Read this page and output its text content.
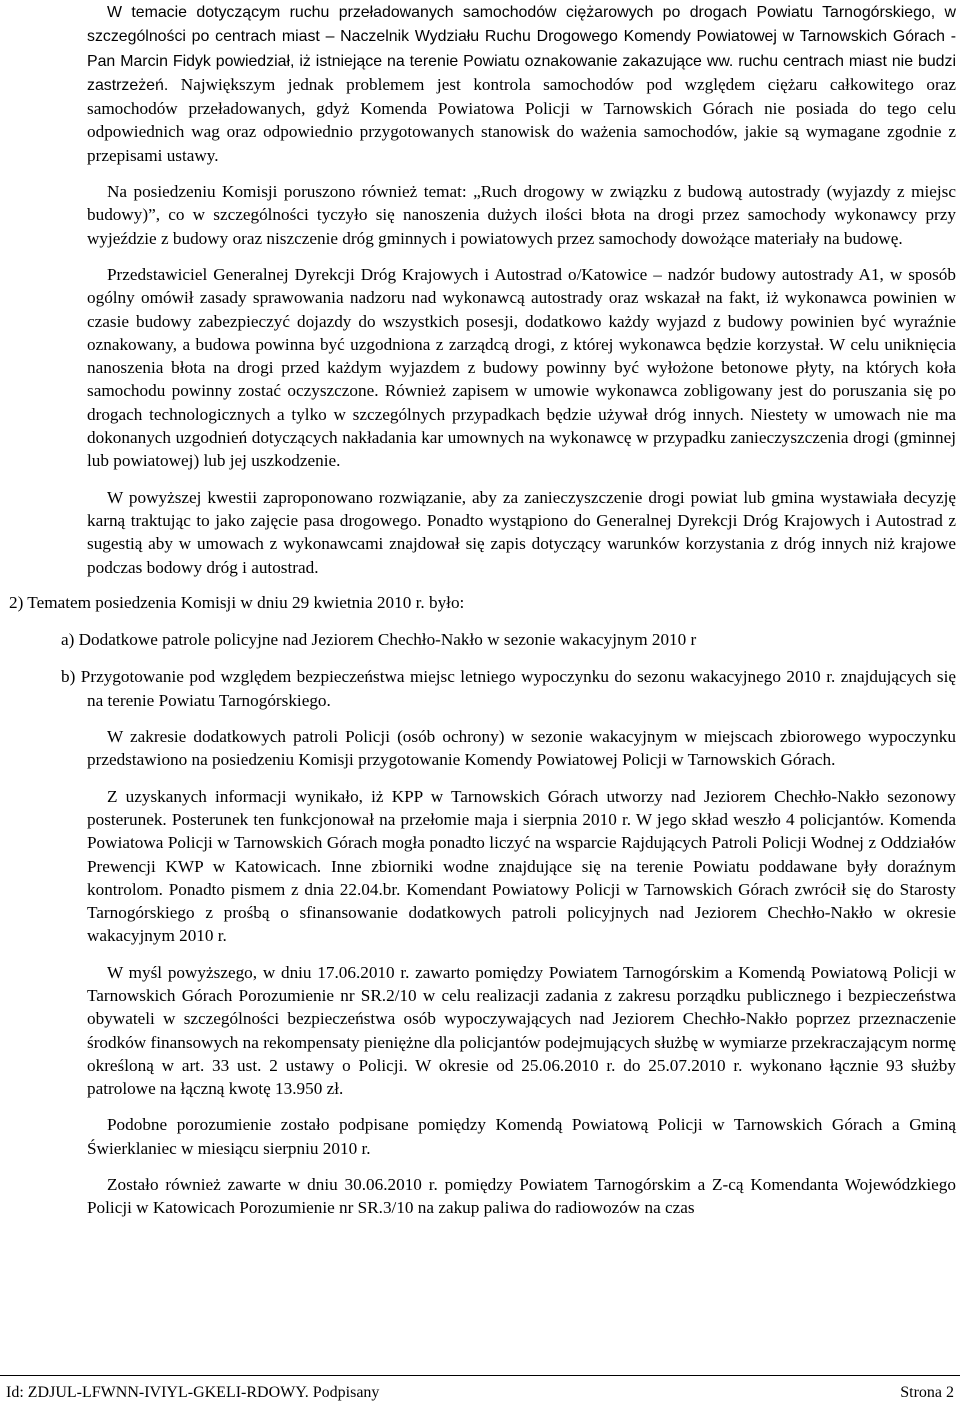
W temacie dotyczącym ruchu przeładowanych samochodów ciężarowych po drogach Powiatu Tarnogórskiego, w szczególności po centrach miast – Naczelnik Wydziału Ruchu Drogowego Komendy Powiatowej w Tarnowskich Górach - Pan Marcin Fidyk powiedział, iż istniejące na terenie Powiatu oznakowanie zakazujące ww. ruchu centrach miast nie budzi zastrzeżeń. Największym jednak problemem jest kontrola samochodów pod względem ciężaru całkowitego oraz samochodów przeładowanych, gdyż Komenda Powiatowa Policji w Tarnowskich Górach nie posiada do tego celu odpowiednich wag oraz odpowiednio przygotowanych stanowisk do ważenia samochodów, jakie są wymagane zgodnie z przepisami ustawy.

Na posiedzeniu Komisji poruszono również temat: „Ruch drogowy w związku z budową autostrady (wyjazdy z miejsc budowy)”, co w szczególności tyczyło się nanoszenia dużych ilości błota na drogi przez samochody wykonawcy przy wyjeździe z budowy oraz niszczenie dróg gminnych i powiatowych przez samochody dowożące materiały na budowę.

Przedstawiciel Generalnej Dyrekcji Dróg Krajowych i Autostrad o/Katowice – nadzór budowy autostrady A1, w sposób ogólny omówił zasady sprawowania nadzoru nad wykonawcą autostrady oraz wskazał na fakt, iż wykonawca powinien w czasie budowy zabezpieczyć dojazdy do wszystkich posesji, dodatkowo każdy wyjazd z budowy powinien być wyraźnie oznakowany, a budowa powinna być uzgodniona z zarządcą drogi, z której wykonawca będzie korzystał. W celu uniknięcia nanoszenia błota na drogi przed każdym wyjazdem z budowy powinny być wyłożone betonowe płyty, na których koła samochodu powinny zostać oczyszczone. Również zapisem w umowie wykonawca zobligowany jest do poruszania się po drogach technologicznych a tylko w szczególnych przypadkach będzie używał dróg innych. Niestety w umowach nie ma dokonanych uzgodnień dotyczących nakładania kar umownych na wykonawcę w przypadku zanieczyszczenia drogi (gminnej lub powiatowej) lub jej uszkodzenie.

W powyższej kwestii zaproponowano rozwiązanie, aby za zanieczyszczenie drogi powiat lub gmina wystawiała decyzję karną traktując to jako zajęcie pasa drogowego. Ponadto wystąpiono do Generalnej Dyrekcji Dróg Krajowych i Autostrad z sugestią aby w umowach z wykonawcami znajdował się zapis dotyczący warunków korzystania z dróg innych niż krajowe podczas bodowy dróg i autostrad.

2) Tematem posiedzenia Komisji w dniu 29 kwietnia 2010 r. było:

a) Dodatkowe patrole policyjne nad Jeziorem Chechło-Nakło w sezonie wakacyjnym 2010 r

b) Przygotowanie pod względem bezpieczeństwa miejsc letniego wypoczynku do sezonu wakacyjnego 2010 r. znajdujących się na terenie Powiatu Tarnogórskiego.

W zakresie dodatkowych patroli Policji (osób ochrony) w sezonie wakacyjnym w miejscach zbiorowego wypoczynku przedstawiono na posiedzeniu Komisji przygotowanie Komendy Powiatowej Policji w Tarnowskich Górach.

Z uzyskanych informacji wynikało, iż KPP w Tarnowskich Górach utworzy nad Jeziorem Chechło-Nakło sezonowy posterunek. Posterunek ten funkcjonował na przełomie maja i sierpnia 2010 r. W jego skład weszło 4 policjantów. Komenda Powiatowa Policji w Tarnowskich Górach mogła ponadto liczyć na wsparcie Rajdujących Patroli Policji Wodnej z Oddziałów Prewencji KWP w Katowicach. Inne zbiorniki wodne znajdujące się na terenie Powiatu poddawane były doraźnym kontrolom. Ponadto pismem z dnia 22.04.br. Komendant Powiatowy Policji w Tarnowskich Górach zwrócił się do Starosty Tarnogórskiego z prośbą o sfinansowanie dodatkowych patroli policyjnych nad Jeziorem Chechło-Nakło w okresie wakacyjnym 2010 r.

W myśl powyższego, w dniu 17.06.2010 r. zawarto pomiędzy Powiatem Tarnogórskim a Komendą Powiatową Policji w Tarnowskich Górach Porozumienie nr SR.2/10 w celu realizacji zadania z zakresu porządku publicznego i bezpieczeństwa obywateli w szczególności bezpieczeństwa osób wypoczywających nad Jeziorem Chechło-Nakło poprzez przeznaczenie środków finansowych na rekompensaty pieniężne dla policjantów podejmujących służbę w wymiarze przekraczającym normę określoną w art. 33 ust. 2 ustawy o Policji. W okresie od 25.06.2010 r. do 25.07.2010 r. wykonano łącznie 93 służby patrolowe na łączną kwotę 13.950 zł.

Podobne porozumienie zostało podpisane pomiędzy Komendą Powiatową Policji w Tarnowskich Górach a Gminą Świerklaniec w miesiącu sierpniu 2010 r.

Zostało również zawarte w dniu 30.06.2010 r. pomiędzy Powiatem Tarnogórskim a Z-cą Komendanta Wojewódzkiego Policji w Katowicach Porozumienie nr SR.3/10 na zakup paliwa do radiowozów na czas

Id: ZDJUL-LFWNN-IVIYL-GKELI-RDOWY. Podpisany	Strona 2
